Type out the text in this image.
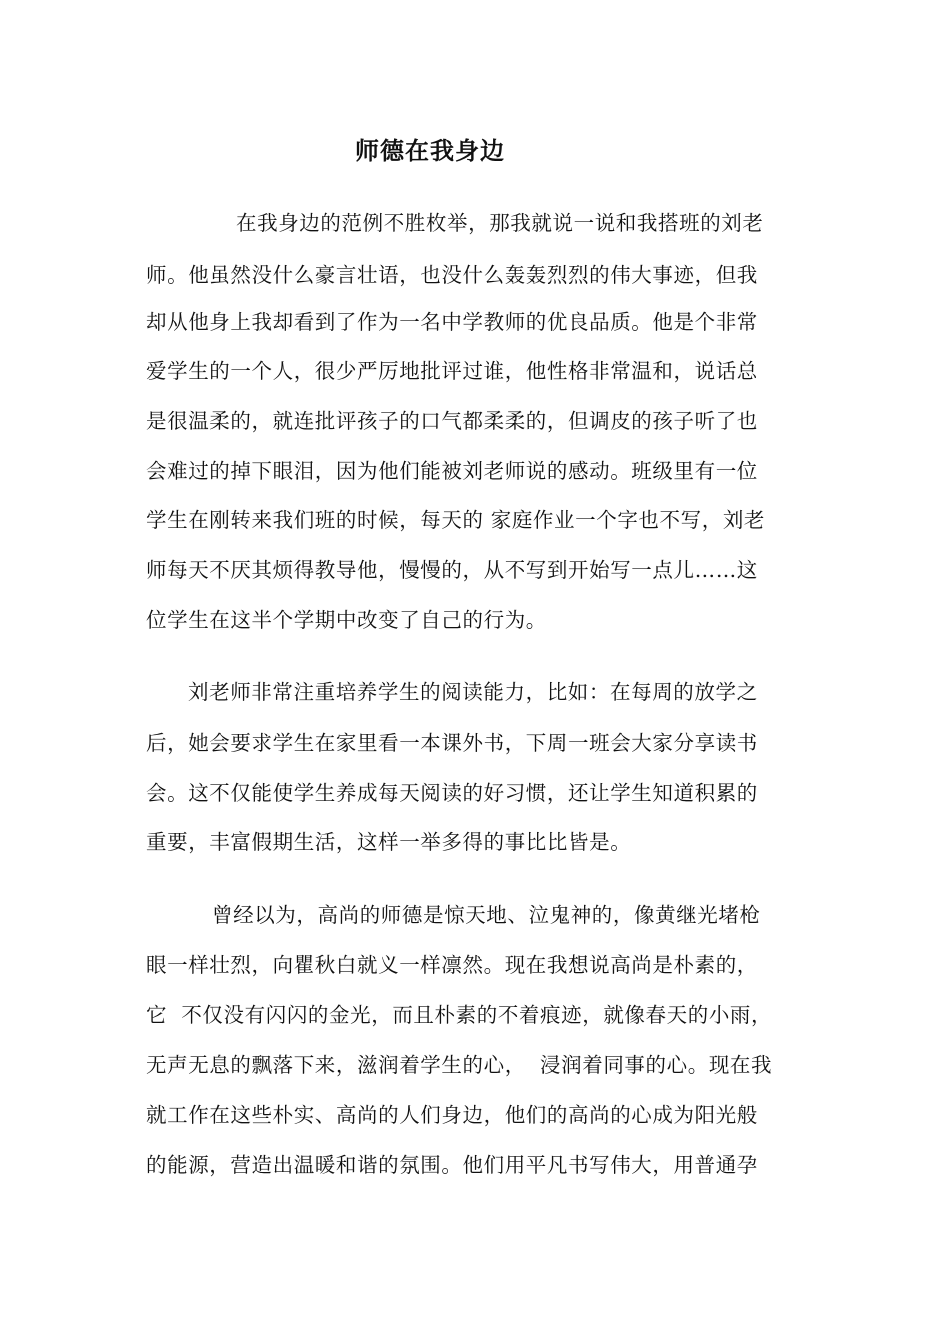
师德在我身边
在我身边的范例不胜枚举，那我就说一说和我搭班的刘老
师。他虽然没什么豪言壮语，也没什么轰轰烈烈的伟大事迹，但我
却从他身上我却看到了作为一名中学教师的优良品质。他是个非常
爱学生的一个人，很少严厉地批评过谁，他性格非常温和，说话总
是很温柔的，就连批评孩子的口气都柔柔的，但调皮的孩子听了也
会难过的掉下眼泪，因为他们能被刘老师说的感动。班级里有一位
学生在刚转来我们班的时候，每天的 家庭作业一个字也不写，刘老
师每天不厌其烦得教导他，慢慢的，从不写到开始写一点儿……这
位学生在这半个学期中改变了自己的行为。
刘老师非常注重培养学生的阅读能力，比如：在每周的放学之
后，她会要求学生在家里看一本课外书，下周一班会大家分享读书
会。这不仅能使学生养成每天阅读的好习惯，还让学生知道积累的
重要，丰富假期生活，这样一举多得的事比比皆是。
曾经以为，高尚的师德是惊天地、泣鬼神的，像黄继光堵枪
眼一样壮烈，向瞿秋白就义一样凛然。现在我想说高尚是朴素的，
它  不仅没有闪闪的金光，而且朴素的不着痕迹，就像春天的小雨，
无声无息的飘落下来，滋润着学生的心，  浸润着同事的心。现在我
就工作在这些朴实、高尚的人们身边，他们的高尚的心成为阳光般
的能源，营造出温暖和谐的氛围。他们用平凡书写伟大，用普通孕
